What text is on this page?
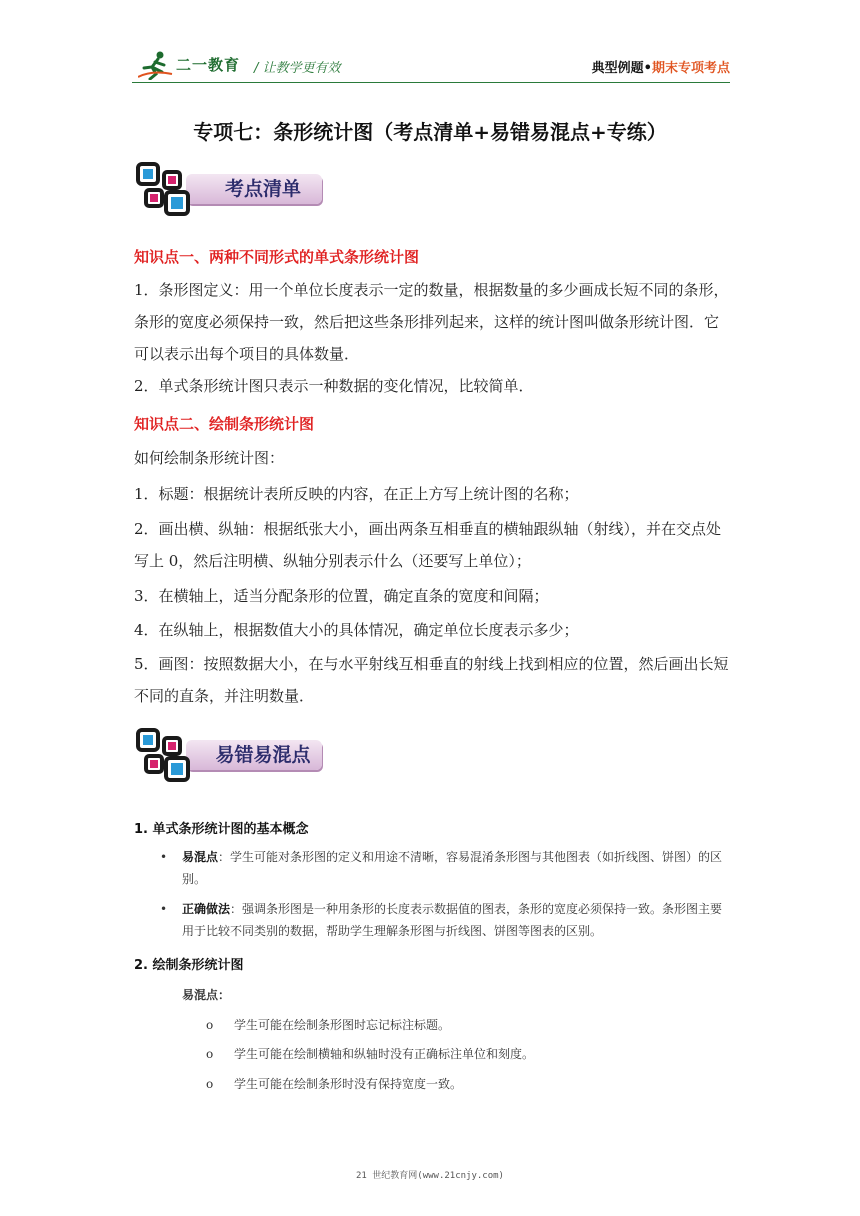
二一教育 / 让教学更有效	典型例题•期末专项考点
专项七：条形统计图（考点清单+易错易混点+专练）
考点清单
知识点一、两种不同形式的单式条形统计图
1．条形图定义：用一个单位长度表示一定的数量，根据数量的多少画成长短不同的条形，条形的宽度必须保持一致，然后把这些条形排列起来，这样的统计图叫做条形统计图．它可以表示出每个项目的具体数量．
2．单式条形统计图只表示一种数据的变化情况，比较简单．
知识点二、绘制条形统计图
如何绘制条形统计图：
1．标题：根据统计表所反映的内容，在正上方写上统计图的名称；
2．画出横、纵轴：根据纸张大小，画出两条互相垂直的横轴跟纵轴（射线），并在交点处写上 0，然后注明横、纵轴分别表示什么（还要写上单位）；
3．在横轴上，适当分配条形的位置，确定直条的宽度和间隔；
4．在纵轴上，根据数值大小的具体情况，确定单位长度表示多少；
5．画图：按照数据大小，在与水平射线互相垂直的射线上找到相应的位置，然后画出长短不同的直条，并注明数量．
易错易混点
1. 单式条形统计图的基本概念
• 易混点：学生可能对条形图的定义和用途不清晰，容易混淆条形图与其他图表（如折线图、饼图）的区别。
• 正确做法：强调条形图是一种用条形的长度表示数据值的图表，条形的宽度必须保持一致。条形图主要用于比较不同类别的数据，帮助学生理解条形图与折线图、饼图等图表的区别。
2. 绘制条形统计图
易混点：
o 学生可能在绘制条形图时忘记标注标题。
o 学生可能在绘制横轴和纵轴时没有正确标注单位和刻度。
o 学生可能在绘制条形时没有保持宽度一致。
21 世纪教育网(www.21cnjy.com)
